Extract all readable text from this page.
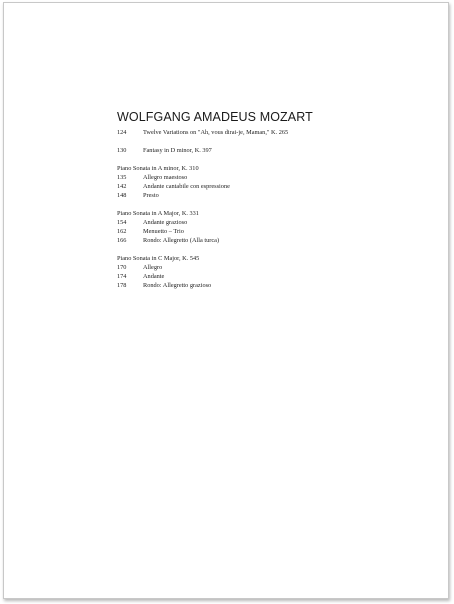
WOLFGANG AMADEUS MOZART
124	Twelve Variations on "Ah, vous dirai-je, Maman," K. 265
130	Fantasy in D minor, K. 397
Piano Sonata in A minor, K. 310
135	Allegro maestoso
142	Andante cantabile con espressione
148	Presto
Piano Sonata in A Major, K. 331
154	Andante grazioso
162	Menuetto – Trio
166	Rondo: Allegretto (Alla turca)
Piano Sonata in C Major, K. 545
170	Allegro
174	Andante
178	Rondo: Allegretto grazioso
